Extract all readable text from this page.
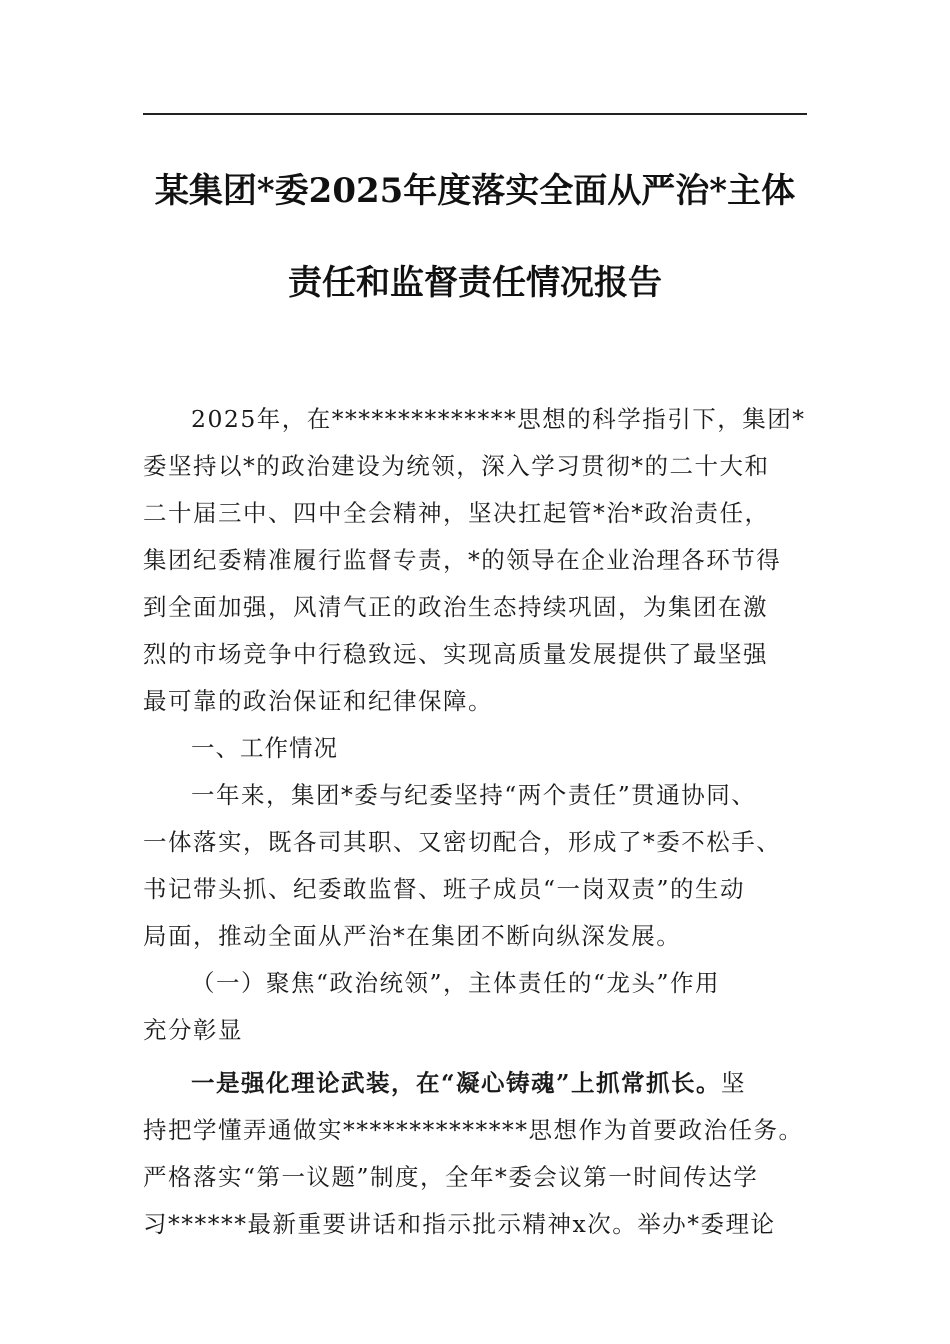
某集团*委2025年度落实全面从严治*主体
责任和监督责任情况报告
2025年，在**************思想的科学指引下，集团*
委坚持以*的政治建设为统领，深入学习贯彻*的二十大和
二十届三中、四中全会精神，坚决扛起管*治*政治责任，
集团纪委精准履行监督专责，*的领导在企业治理各环节得
到全面加强，风清气正的政治生态持续巩固，为集团在激
烈的市场竞争中行稳致远、实现高质量发展提供了最坚强
最可靠的政治保证和纪律保障。
一、工作情况
一年来，集团*委与纪委坚持“两个责任”贯通协同、
一体落实，既各司其职、又密切配合，形成了*委不松手、
书记带头抓、纪委敢监督、班子成员“一岗双责”的生动
局面，推动全面从严治*在集团不断向纵深发展。
（一）聚焦“政治统领”，主体责任的“龙头”作用
充分彰显
一是强化理论武装，在“凝心铸魂”上抓常抓长。坚
持把学懂弄通做实**************思想作为首要政治任务。
严格落实“第一议题”制度，全年*委会议第一时间传达学
习******最新重要讲话和指示批示精神x次。举办*委理论
